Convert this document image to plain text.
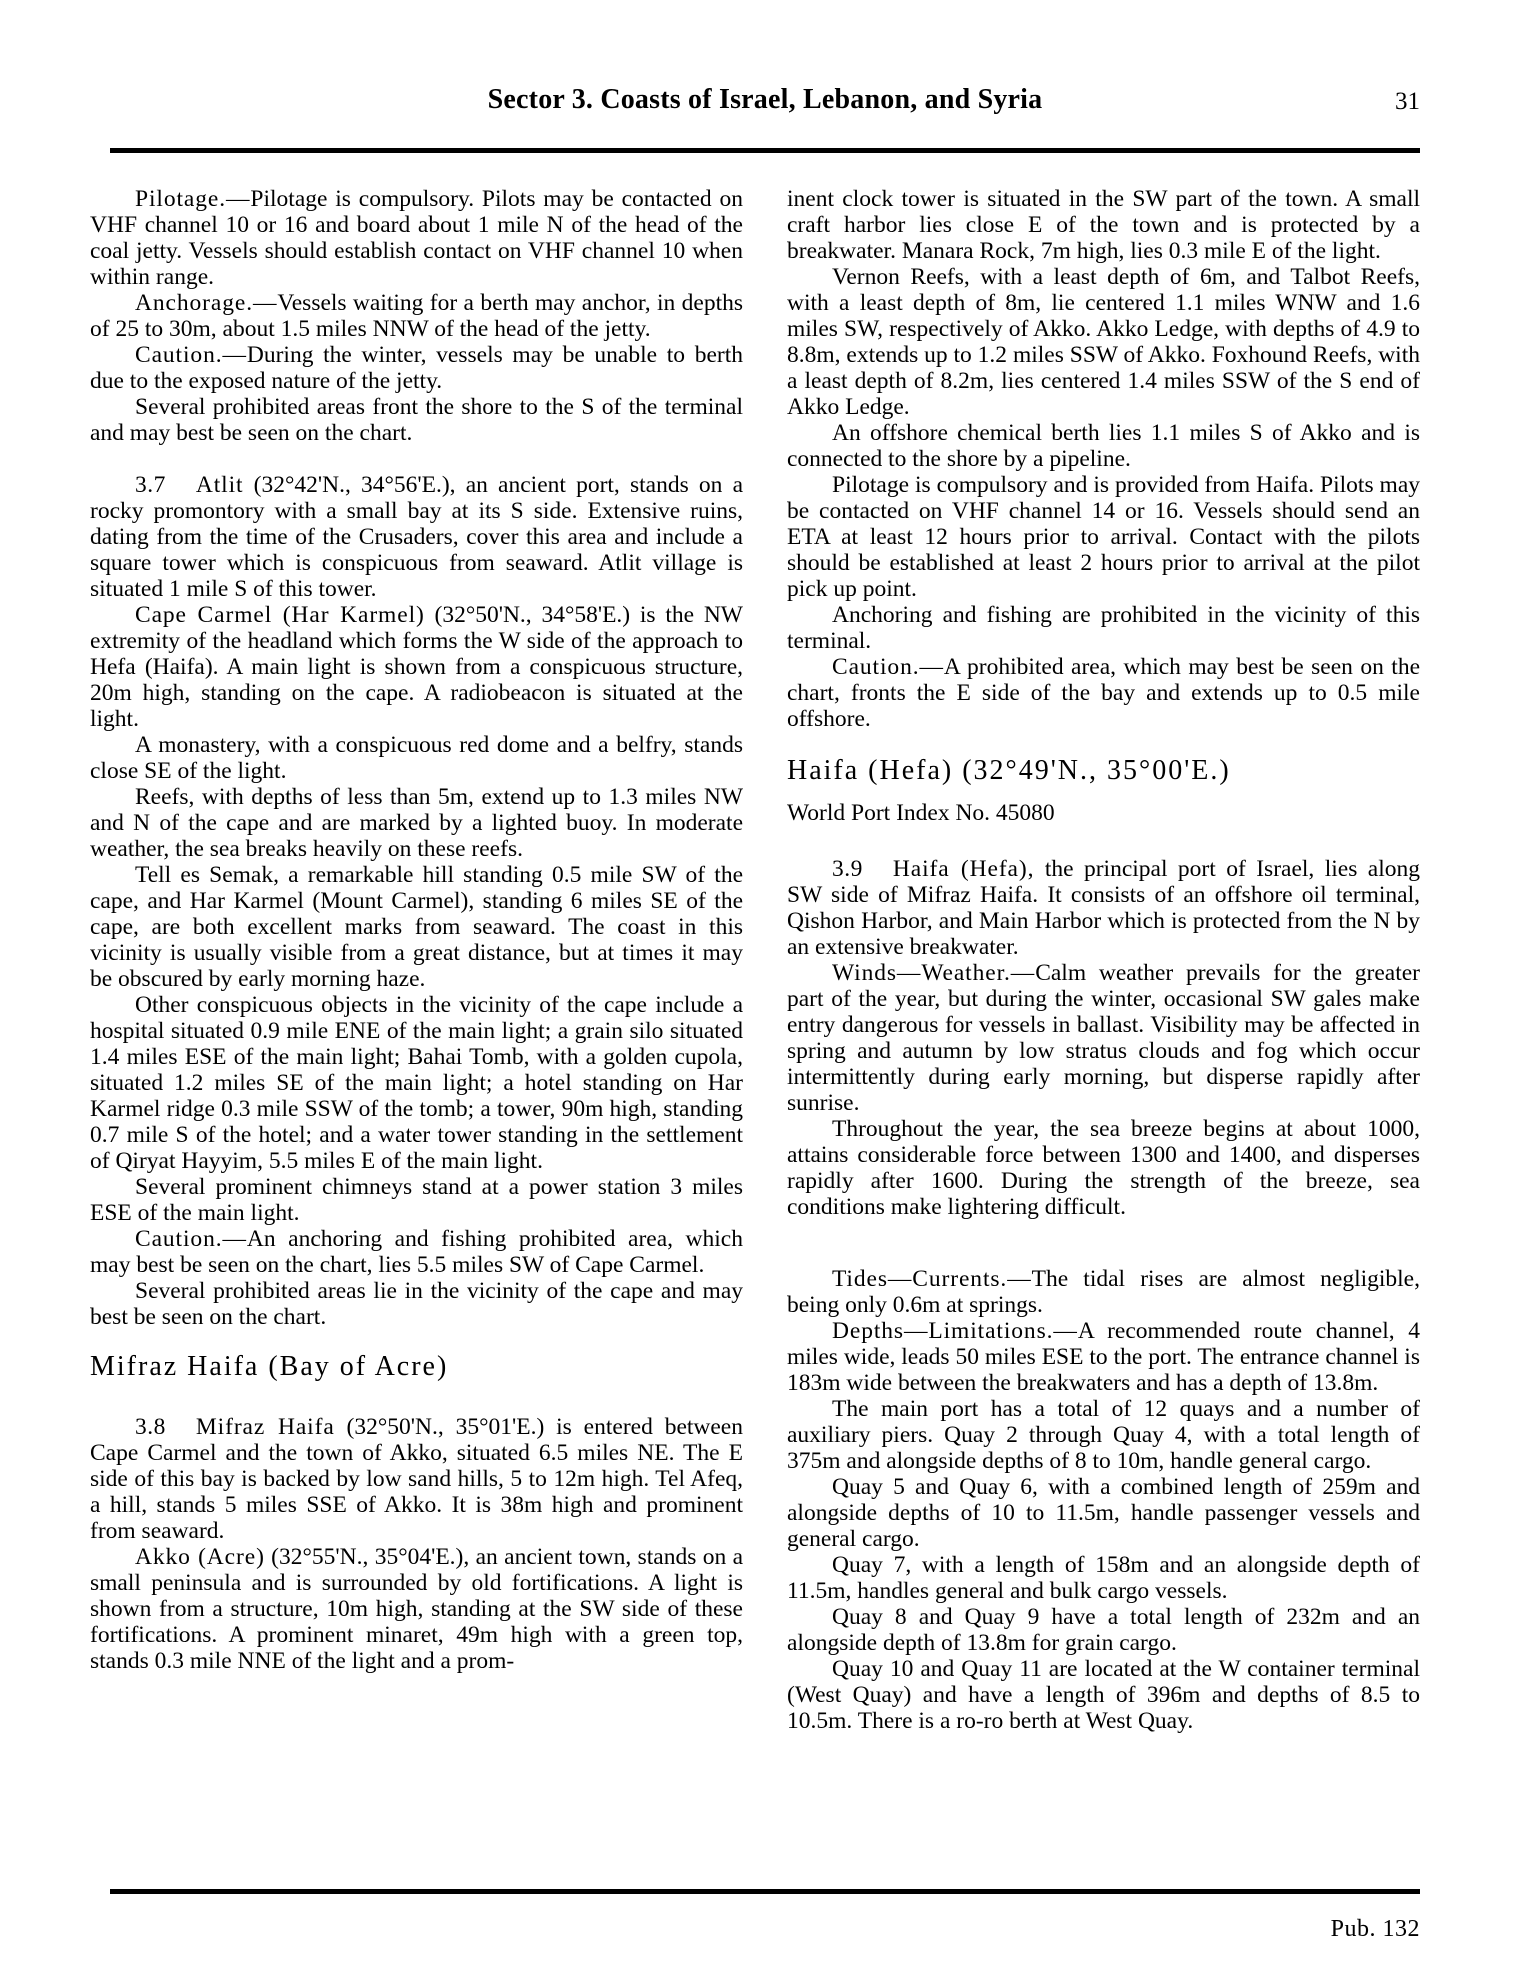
Sector 3. Coasts of Israel, Lebanon, and Syria	31

Pilotage.—Pilotage is compulsory. Pilots may be contacted on VHF channel 10 or 16 and board about 1 mile N of the head of the coal jetty. Vessels should establish contact on VHF channel 10 when within range.

Anchorage.—Vessels waiting for a berth may anchor, in depths of 25 to 30m, about 1.5 miles NNW of the head of the jetty.

Caution.—During the winter, vessels may be unable to berth due to the exposed nature of the jetty.

Several prohibited areas front the shore to the S of the terminal and may best be seen on the chart.

3.7 Atlit (32°42'N., 34°56'E.), an ancient port, stands on a rocky promontory with a small bay at its S side. Extensive ruins, dating from the time of the Crusaders, cover this area and include a square tower which is conspicuous from seaward. Atlit village is situated 1 mile S of this tower.

Cape Carmel (Har Karmel) (32°50'N., 34°58'E.) is the NW extremity of the headland which forms the W side of the approach to Hefa (Haifa). A main light is shown from a conspicuous structure, 20m high, standing on the cape. A radiobeacon is situated at the light.

A monastery, with a conspicuous red dome and a belfry, stands close SE of the light.

Reefs, with depths of less than 5m, extend up to 1.3 miles NW and N of the cape and are marked by a lighted buoy. In moderate weather, the sea breaks heavily on these reefs.

Tell es Semak, a remarkable hill standing 0.5 mile SW of the cape, and Har Karmel (Mount Carmel), standing 6 miles SE of the cape, are both excellent marks from seaward. The coast in this vicinity is usually visible from a great distance, but at times it may be obscured by early morning haze.

Other conspicuous objects in the vicinity of the cape include a hospital situated 0.9 mile ENE of the main light; a grain silo situated 1.4 miles ESE of the main light; Bahai Tomb, with a golden cupola, situated 1.2 miles SE of the main light; a hotel standing on Har Karmel ridge 0.3 mile SSW of the tomb; a tower, 90m high, standing 0.7 mile S of the hotel; and a water tower standing in the settlement of Qiryat Hayyim, 5.5 miles E of the main light.

Several prominent chimneys stand at a power station 3 miles ESE of the main light.

Caution.—An anchoring and fishing prohibited area, which may best be seen on the chart, lies 5.5 miles SW of Cape Carmel.

Several prohibited areas lie in the vicinity of the cape and may best be seen on the chart.

Mifraz Haifa (Bay of Acre)

3.8 Mifraz Haifa (32°50'N., 35°01'E.) is entered between Cape Carmel and the town of Akko, situated 6.5 miles NE. The E side of this bay is backed by low sand hills, 5 to 12m high. Tel Afeq, a hill, stands 5 miles SSE of Akko. It is 38m high and prominent from seaward.

Akko (Acre) (32°55'N., 35°04'E.), an ancient town, stands on a small peninsula and is surrounded by old fortifications. A light is shown from a structure, 10m high, standing at the SW side of these fortifications. A prominent minaret, 49m high with a green top, stands 0.3 mile NNE of the light and a prom-

inent clock tower is situated in the SW part of the town. A small craft harbor lies close E of the town and is protected by a breakwater. Manara Rock, 7m high, lies 0.3 mile E of the light.

Vernon Reefs, with a least depth of 6m, and Talbot Reefs, with a least depth of 8m, lie centered 1.1 miles WNW and 1.6 miles SW, respectively of Akko. Akko Ledge, with depths of 4.9 to 8.8m, extends up to 1.2 miles SSW of Akko. Foxhound Reefs, with a least depth of 8.2m, lies centered 1.4 miles SSW of the S end of Akko Ledge.

An offshore chemical berth lies 1.1 miles S of Akko and is connected to the shore by a pipeline.

Pilotage is compulsory and is provided from Haifa. Pilots may be contacted on VHF channel 14 or 16. Vessels should send an ETA at least 12 hours prior to arrival. Contact with the pilots should be established at least 2 hours prior to arrival at the pilot pick up point.

Anchoring and fishing are prohibited in the vicinity of this terminal.

Caution.—A prohibited area, which may best be seen on the chart, fronts the E side of the bay and extends up to 0.5 mile offshore.

Haifa (Hefa) (32°49'N., 35°00'E.)

World Port Index No. 45080

3.9 Haifa (Hefa), the principal port of Israel, lies along SW side of Mifraz Haifa. It consists of an offshore oil terminal, Qishon Harbor, and Main Harbor which is protected from the N by an extensive breakwater.

Winds—Weather.—Calm weather prevails for the greater part of the year, but during the winter, occasional SW gales make entry dangerous for vessels in ballast. Visibility may be affected in spring and autumn by low stratus clouds and fog which occur intermittently during early morning, but disperse rapidly after sunrise.

Throughout the year, the sea breeze begins at about 1000, attains considerable force between 1300 and 1400, and disperses rapidly after 1600. During the strength of the breeze, sea conditions make lightering difficult.

Tides—Currents.—The tidal rises are almost negligible, being only 0.6m at springs.

Depths—Limitations.—A recommended route channel, 4 miles wide, leads 50 miles ESE to the port. The entrance channel is 183m wide between the breakwaters and has a depth of 13.8m.

The main port has a total of 12 quays and a number of auxiliary piers. Quay 2 through Quay 4, with a total length of 375m and alongside depths of 8 to 10m, handle general cargo.

Quay 5 and Quay 6, with a combined length of 259m and alongside depths of 10 to 11.5m, handle passenger vessels and general cargo.

Quay 7, with a length of 158m and an alongside depth of 11.5m, handles general and bulk cargo vessels.

Quay 8 and Quay 9 have a total length of 232m and an alongside depth of 13.8m for grain cargo.

Quay 10 and Quay 11 are located at the W container terminal (West Quay) and have a length of 396m and depths of 8.5 to 10.5m. There is a ro-ro berth at West Quay.

Pub. 132
